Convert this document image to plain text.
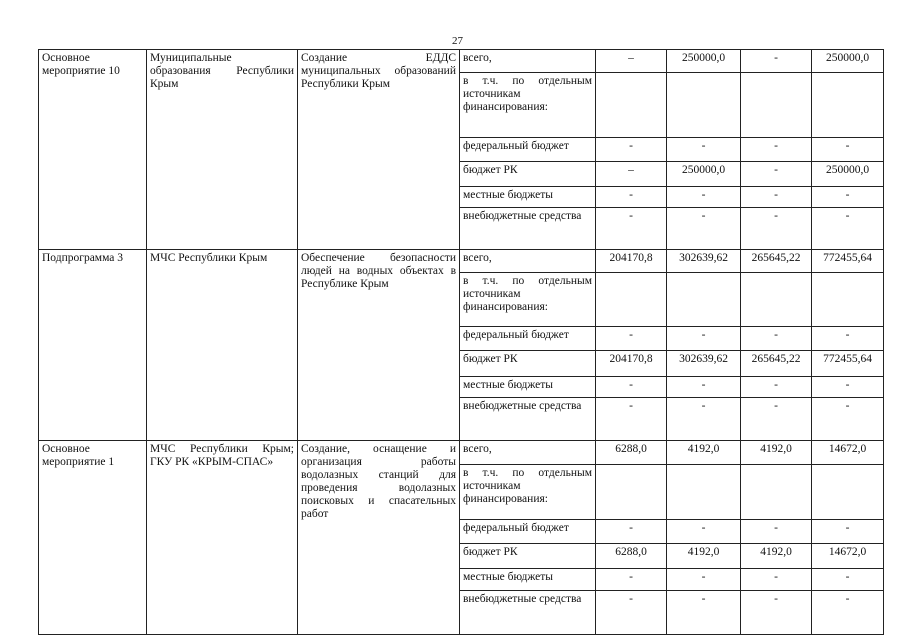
27
Основное мероприятие 10	Муниципальные образования Республики Крым	Создание ЕДДС муниципальных образований Республики Крым	всего,	–	250000,0	-	250000,0
			в т.ч. по отдельным источникам финансирования:				
			федеральный бюджет	-	-	-	-
			бюджет РК	–	250000,0	-	250000,0
			местные бюджеты	-	-	-	-
			внебюджетные средства	-	-	-	-
Подпрограмма 3	МЧС Республики Крым	Обеспечение безопасности людей на водных объектах в Республике Крым	всего,	204170,8	302639,62	265645,22	772455,64
			в т.ч. по отдельным источникам финансирования:				
			федеральный бюджет	-	-	-	-
			бюджет РК	204170,8	302639,62	265645,22	772455,64
			местные бюджеты	-	-	-	-
			внебюджетные средства	-	-	-	-
Основное мероприятие 1	МЧС Республики Крым; ГКУ РК «КРЫМ-СПАС»	Создание, оснащение и организация работы водолазных станций для проведения водолазных поисковых и спасательных работ	всего,	6288,0	4192,0	4192,0	14672,0
			в т.ч. по отдельным источникам финансирования:				
			федеральный бюджет	-	-	-	-
			бюджет РК	6288,0	4192,0	4192,0	14672,0
			местные бюджеты	-	-	-	-
			внебюджетные средства	-	-	-	-
